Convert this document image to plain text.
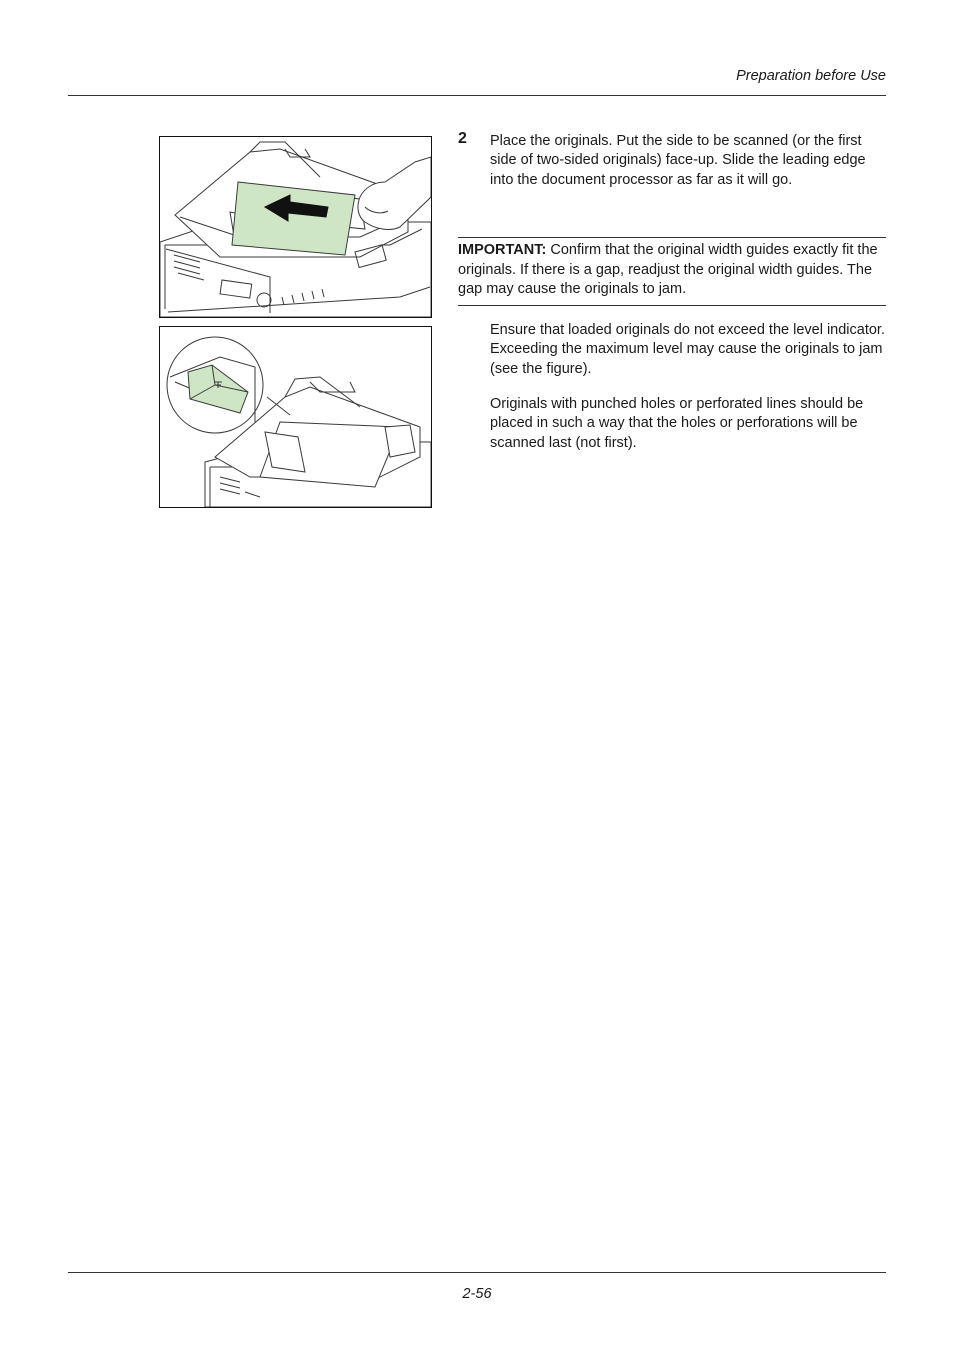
Preparation before Use
2 Place the originals. Put the side to be scanned (or the first side of two-sided originals) face-up. Slide the leading edge into the document processor as far as it will go.
IMPORTANT: Confirm that the original width guides exactly fit the originals. If there is a gap, readjust the original width guides. The gap may cause the originals to jam.
Ensure that loaded originals do not exceed the level indicator. Exceeding the maximum level may cause the originals to jam (see the figure).
Originals with punched holes or perforated lines should be placed in such a way that the holes or perforations will be scanned last (not first).
2-56
